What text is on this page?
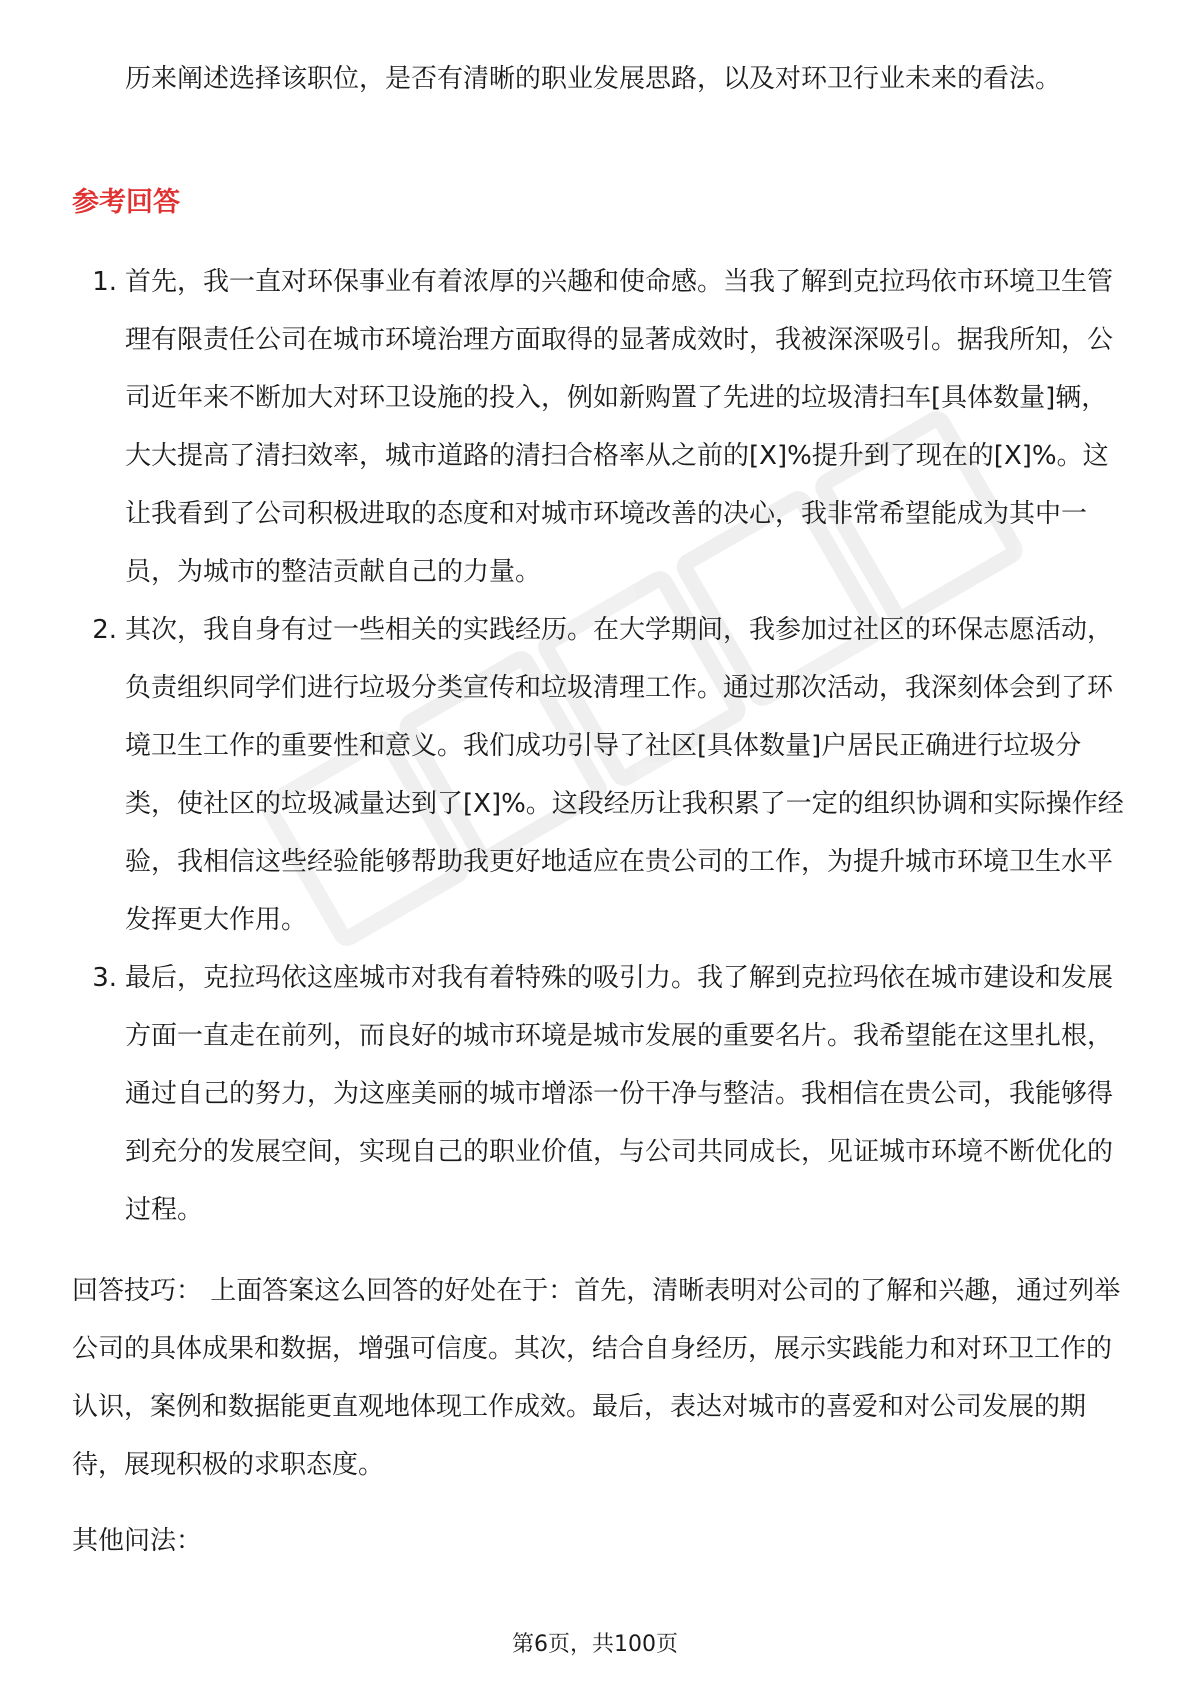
历来阐述选择该职位，是否有清晰的职业发展思路，以及对环卫行业未来的看法。

参考回答
1. 首先，我一直对环保事业有着浓厚的兴趣和使命感。当我了解到克拉玛依市环境卫生管理有限责任公司在城市环境治理方面取得的显著成效时，我被深深吸引。据我所知，公司近年来不断加大对环卫设施的投入，例如新购置了先进的垃圾清扫车[具体数量]辆，大大提高了清扫效率，城市道路的清扫合格率从之前的[X]%提升到了现在的[X]%。这让我看到了公司积极进取的态度和对城市环境改善的决心，我非常希望能成为其中一员，为城市的整洁贡献自己的力量。
2. 其次，我自身有过一些相关的实践经历。在大学期间，我参加过社区的环保志愿活动，负责组织同学们进行垃圾分类宣传和垃圾清理工作。通过那次活动，我深刻体会到了环境卫生工作的重要性和意义。我们成功引导了社区[具体数量]户居民正确进行垃圾分类，使社区的垃圾减量达到了[X]%。这段经历让我积累了一定的组织协调和实际操作经验，我相信这些经验能够帮助我更好地适应在贵公司的工作，为提升城市环境卫生水平发挥更大作用。
3. 最后，克拉玛依这座城市对我有着特殊的吸引力。我了解到克拉玛依在城市建设和发展方面一直走在前列，而良好的城市环境是城市发展的重要名片。我希望能在这里扎根，通过自己的努力，为这座美丽的城市增添一份干净与整洁。我相信在贵公司，我能够得到充分的发展空间，实现自己的职业价值，与公司共同成长，见证城市环境不断优化的过程。

回答技巧： 上面答案这么回答的好处在于：首先，清晰表明对公司的了解和兴趣，通过列举公司的具体成果和数据，增强可信度。其次，结合自身经历，展示实践能力和对环卫工作的认识，案例和数据能更直观地体现工作成效。最后，表达对城市的喜爱和对公司发展的期待，展现积极的求职态度。

其他问法：

第6页，共100页
